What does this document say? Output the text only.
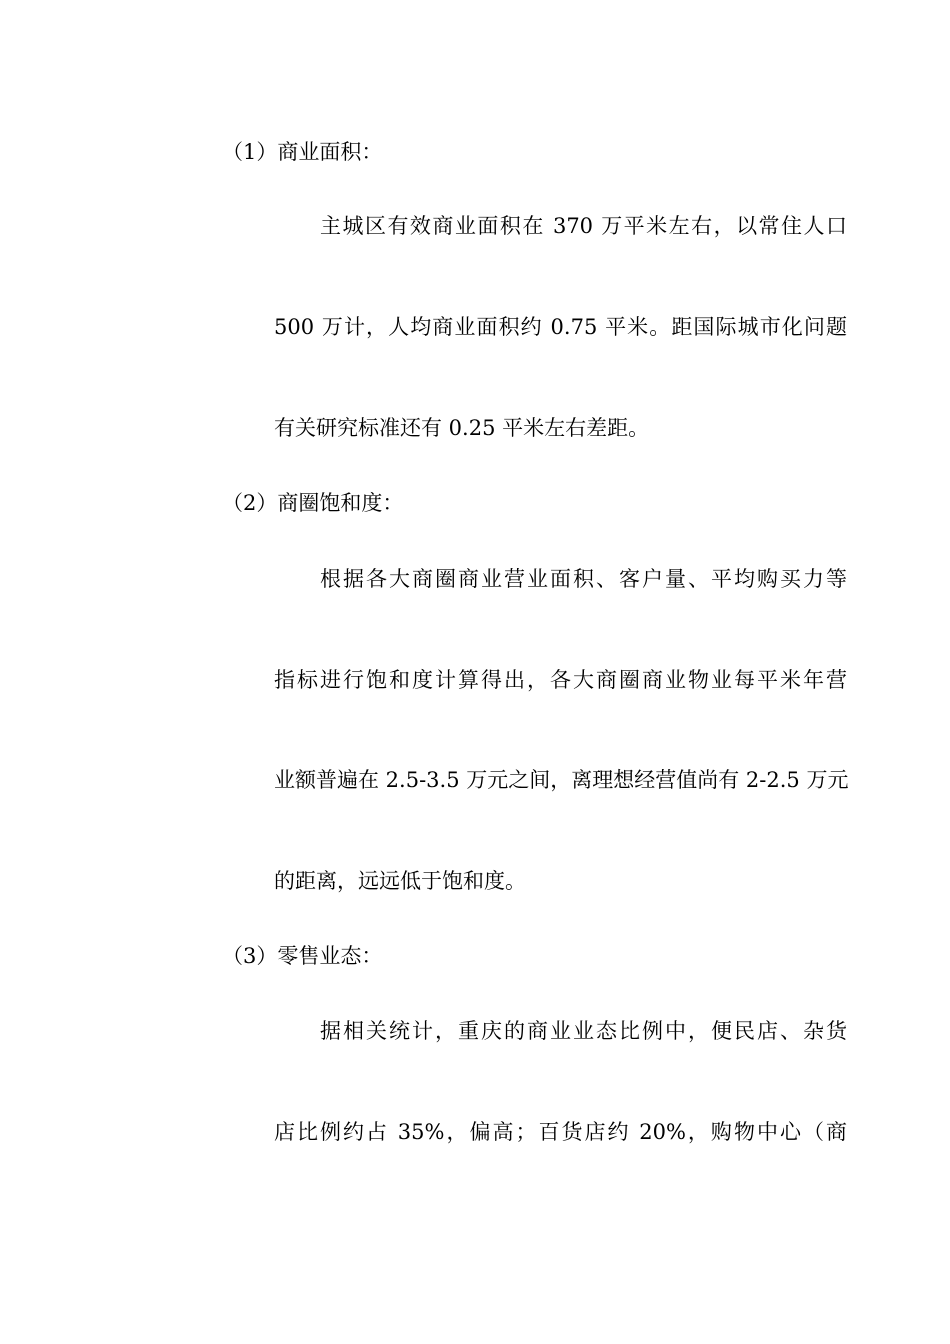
（1）商业面积：
主城区有效商业面积在 370 万平米左右，以常住人口
500 万计，人均商业面积约 0.75 平米。距国际城市化问题
有关研究标准还有 0.25 平米左右差距。
（2）商圈饱和度：
根据各大商圈商业营业面积、客户量、平均购买力等
指标进行饱和度计算得出，各大商圈商业物业每平米年营
业额普遍在 2.5-3.5 万元之间，离理想经营值尚有 2-2.5 万元
的距离，远远低于饱和度。
（3）零售业态：
据相关统计，重庆的商业业态比例中，便民店、杂货
店比例约占 35%，偏高；百货店约 20%，购物中心（商
